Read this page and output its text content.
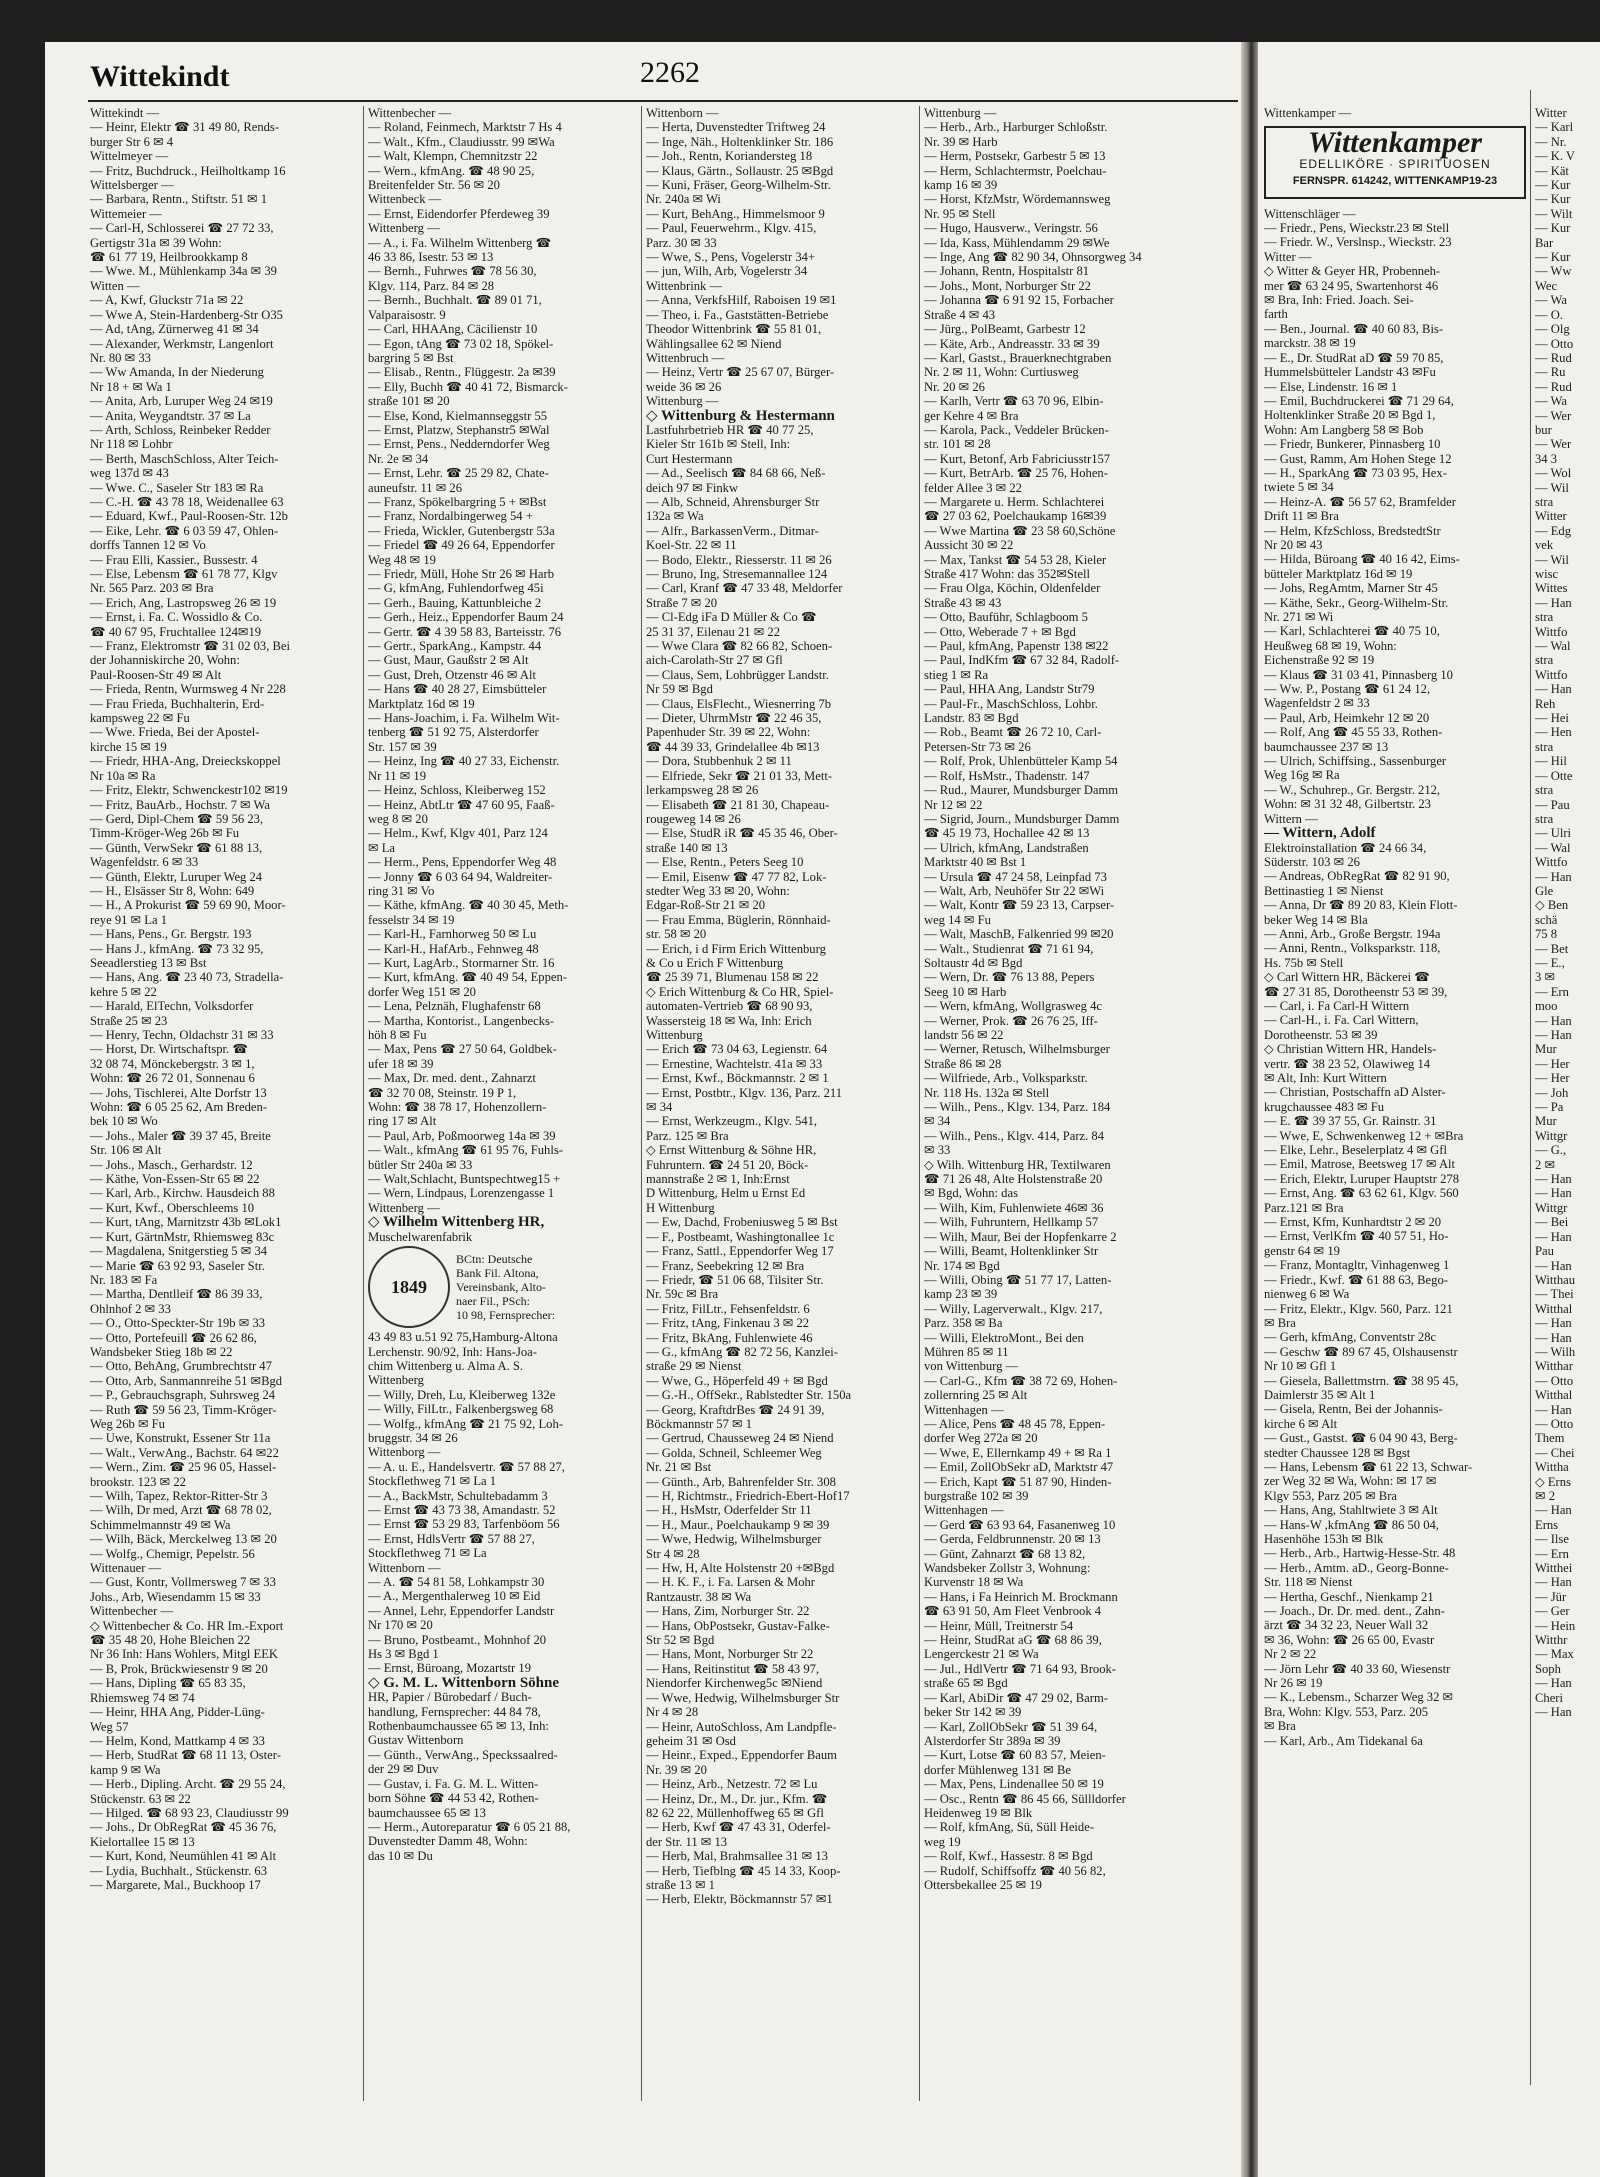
Wittekindt	2262
Wittekindt —
— Heinr, Elektr ☎ 31 49 80, Rends-
burger Str 6 ✉ 4
Wittelmeyer —
— Fritz, Buchdruck., Heilholtkamp 16
Wittelsberger —
— Barbara, Rentn., Stiftstr. 51 ✉ 1
Wittemeier —
— Carl-H, Schlosserei ☎ 27 72 33,
Gertigstr 31a ✉ 39 Wohn:
☎ 61 77 19, Heilbrookkamp 8
— Wwe. M., Mühlenkamp 34a ✉ 39
Witten —
— A, Kwf, Gluckstr 71a ✉ 22
— Wwe A, Stein-Hardenberg-Str O35
— Ad, tAng, Zürnerweg 41 ✉ 34
— Alexander, Werkmstr, Langenlort
Nr. 80 ✉ 33
— Ww Amanda, In der Niederung
Nr 18 + ✉ Wa 1
— Anita, Arb, Luruper Weg 24 ✉19
— Anita, Weygandtstr. 37 ✉ La
— Arth, Schloss, Reinbeker Redder
Nr 118 ✉ Lohbr
— Berth, MaschSchloss, Alter Teich-
weg 137d ✉ 43
— Wwe. C., Saseler Str 183 ✉ Ra
— C.-H. ☎ 43 78 18, Weidenallee 63
— Eduard, Kwf., Paul-Roosen-Str. 12b
— Eike, Lehr. ☎ 6 03 59 47, Ohlen-
dorffs Tannen 12 ✉ Vo
— Frau Elli, Kassier., Bussestr. 4
— Else, Lebensm ☎ 61 78 77, Klgv
Nr. 565 Parz. 203 ✉ Bra
— Erich, Ang, Lastropsweg 26 ✉ 19
— Ernst, i. Fa. C. Wossidlo & Co.
☎ 40 67 95, Fruchtallee 124✉19
— Franz, Elektromstr ☎ 31 02 03, Bei
der Johanniskirche 20, Wohn:
Paul-Roosen-Str 49 ✉ Alt
— Frieda, Rentn, Wurmsweg 4 Nr 228
— Frau Frieda, Buchhalterin, Erd-
kampsweg 22 ✉ Fu
— Wwe. Frieda, Bei der Apostel-
kirche 15 ✉ 19
— Friedr, HHA-Ang, Dreieckskoppel
Nr 10a ✉ Ra
— Fritz, Elektr, Schwenckestr102 ✉19
— Fritz, BauArb., Hochstr. 7 ✉ Wa
— Gerd, Dipl-Chem ☎ 59 56 23,
Timm-Kröger-Weg 26b ✉ Fu
— Günth, VerwSekr ☎ 61 88 13,
Wagenfeldstr. 6 ✉ 33
— Günth, Elektr, Luruper Weg 24
— H., Elsässer Str 8, Wohn: 649
— H., A Prokurist ☎ 59 69 90, Moor-
reye 91 ✉ La 1
— Hans, Pens., Gr. Bergstr. 193
— Hans J., kfmAng. ☎ 73 32 95,
Seeadlerstieg 13 ✉ Bst
— Hans, Ang. ☎ 23 40 73, Stradella-
kehre 5 ✉ 22
— Harald, ElTechn, Volksdorfer
Straße 25 ✉ 23
— Henry, Techn, Oldachstr 31 ✉ 33
— Horst, Dr. Wirtschaftspr. ☎
32 08 74, Mönckebergstr. 3 ✉ 1,
Wohn: ☎ 26 72 01, Sonnenau 6
— Johs, Tischlerei, Alte Dorfstr 13
Wohn: ☎ 6 05 25 62, Am Breden-
bek 10 ✉ Wo
— Johs., Maler ☎ 39 37 45, Breite
Str. 106 ✉ Alt
— Johs., Masch., Gerhardstr. 12
— Käthe, Von-Essen-Str 65 ✉ 22
— Karl, Arb., Kirchw. Hausdeich 88
— Kurt, Kwf., Oberschleems 10
— Kurt, tAng, Marnitzstr 43b ✉Lok1
— Kurt, GärtnMstr, Rhiemsweg 83c
— Magdalena, Snitgerstieg 5 ✉ 34
— Marie ☎ 63 92 93, Saseler Str.
Nr. 183 ✉ Fa
— Martha, Dentlleif ☎ 86 39 33,
Ohlnhof 2 ✉ 33
— O., Otto-Speckter-Str 19b ✉ 33
— Otto, Portefeuill ☎ 26 62 86,
Wandsbeker Stieg 18b ✉ 22
— Otto, BehAng, Grumbrechtstr 47
— Otto, Arb, Sanmannreihe 51 ✉Bgd
— P., Gebrauchsgraph, Suhrsweg 24
— Ruth ☎ 59 56 23, Timm-Kröger-
Weg 26b ✉ Fu
— Uwe, Konstrukt, Essener Str 11a
— Walt., VerwAng., Bachstr. 64 ✉22
— Wern., Zim. ☎ 25 96 05, Hassel-
brookstr. 123 ✉ 22
— Wilh, Tapez, Rektor-Ritter-Str 3
— Wilh, Dr med, Arzt ☎ 68 78 02,
Schimmelmannstr 49 ✉ Wa
— Wilh, Bäck, Merckelweg 13 ✉ 20
— Wolfg., Chemigr, Pepelstr. 56
Wittenauer —
— Gust, Kontr, Vollmersweg 7 ✉ 33
Johs., Arb, Wiesendamm 15 ✉ 33
Wittenbecher —
◇ Wittenbecher & Co. HR Im.-Export
☎ 35 48 20, Hohe Bleichen 22
Nr 36 Inh: Hans Wohlers, Mitgl EEK
— B, Prok, Brückwiesenstr 9 ✉ 20
— Hans, Dipling ☎ 65 83 35,
Rhiemsweg 74 ✉ 74
— Heinr, HHA Ang, Pidder-Lüng-
Weg 57
— Helm, Kond, Mattkamp 4 ✉ 33
— Herb, StudRat ☎ 68 11 13, Oster-
kamp 9 ✉ Wa
— Herb., Dipling. Archt. ☎ 29 55 24,
Stückenstr. 63 ✉ 22
— Hilged. ☎ 68 93 23, Claudiusstr 99
— Johs., Dr ObRegRat ☎ 45 36 76,
Kielortallee 15 ✉ 13
— Kurt, Kond, Neumühlen 41 ✉ Alt
— Lydia, Buchhalt., Stückenstr. 63
— Margarete, Mal., Buckhoop 17
Wittenbecher —
— Roland, Feinmech, Marktstr 7 Hs 4
— Walt., Kfm., Claudiusstr. 99 ✉Wa
— Walt, Klempn, Chemnitzstr 22
— Wern., kfmAng. ☎ 48 90 25,
Breitenfelder Str. 56 ✉ 20
Wittenbeck —
— Ernst, Eidendorfer Pferdeweg 39
Wittenberg —
— A., i. Fa. Wilhelm Wittenberg ☎
46 33 86, Isestr. 53 ✉ 13
— Bernh., Fuhrwes ☎ 78 56 30,
Klgv. 114, Parz. 84 ✉ 28
— Bernh., Buchhalt. ☎ 89 01 71,
Valparaisostr. 9
— Carl, HHAAng, Cäcilienstr 10
— Egon, tAng ☎ 73 02 18, Spökel-
bargring 5 ✉ Bst
— Elisab., Rentn., Flüggestr. 2a ✉39
— Elly, Buchh ☎ 40 41 72, Bismarck-
straße 101 ✉ 20
— Else, Kond, Kielmannseggstr 55
— Ernst, Platzw, Stephanstr5 ✉Wal
— Ernst, Pens., Nedderndorfer Weg
Nr. 2e ✉ 34
— Ernst, Lehr. ☎ 25 29 82, Chate-
auneufstr. 11 ✉ 26
— Franz, Spökelbargring 5 + ✉Bst
— Franz, Nordalbingerweg 54 +
— Frieda, Wickler, Gutenbergstr 53a
— Friedel ☎ 49 26 64, Eppendorfer
Weg 48 ✉ 19
— Friedr, Müll, Hohe Str 26 ✉ Harb
— G, kfmAng, Fuhlendorfweg 45i
— Gerh., Bauing, Kattunbleiche 2
— Gerh., Heiz., Eppendorfer Baum 24
— Gertr. ☎ 4 39 58 83, Barteisstr. 76
— Gertr., SparkAng., Kampstr. 44
— Gust, Maur, Gaußstr 2 ✉ Alt
— Gust, Dreh, Otzenstr 46 ✉ Alt
— Hans ☎ 40 28 27, Eimsbütteler
Marktplatz 16d ✉ 19
— Hans-Joachim, i. Fa. Wilhelm Wit-
tenberg ☎ 51 92 75, Alsterdorfer
Str. 157 ✉ 39
— Heinz, Ing ☎ 40 27 33, Eichenstr.
Nr 11 ✉ 19
— Heinz, Schloss, Kleiberweg 152
— Heinz, AbtLtr ☎ 47 60 95, Faaß-
weg 8 ✉ 20
— Helm., Kwf, Klgv 401, Parz 124
✉ La
— Herm., Pens, Eppendorfer Weg 48
— Jonny ☎ 6 03 64 94, Waldreiter-
ring 31 ✉ Vo
— Käthe, kfmAng. ☎ 40 30 45, Meth-
fesselstr 34 ✉ 19
— Karl-H., Farnhorweg 50 ✉ Lu
— Karl-H., HafArb., Fehnweg 48
— Kurt, LagArb., Stormarner Str. 16
— Kurt, kfmAng. ☎ 40 49 54, Eppen-
dorfer Weg 151 ✉ 20
— Lena, Pelznäh, Flughafenstr 68
— Martha, Kontorist., Langenbecks-
höh 8 ✉ Fu
— Max, Pens ☎ 27 50 64, Goldbek-
ufer 18 ✉ 39
— Max, Dr. med. dent., Zahnarzt
☎ 32 70 08, Steinstr. 19 P 1,
Wohn: ☎ 38 78 17, Hohenzollern-
ring 17 ✉ Alt
— Paul, Arb, Poßmoorweg 14a ✉ 39
— Walt., kfmAng ☎ 61 95 76, Fuhls-
bütler Str 240a ✉ 33
— Walt,Schlacht, Buntspechtweg15 +
— Wern, Lindpaus, Lorenzengasse 1
Wittenberg —
◇ Wilhelm Wittenberg HR,
Muschelwarenfabrik
1849
BCtn: Deutsche
Bank Fil. Altona,
Vereinsbank, Alto-
naer Fil., PSch:
10 98, Fernsprecher:
43 49 83 u.51 92 75,Hamburg-Altona
Lerchenstr. 90/92, Inh: Hans-Joa-
chim Wittenberg u. Alma A. S.
Wittenberg
— Willy, Dreh, Lu, Kleiberweg 132e
— Willy, FilLtr., Falkenbergsweg 68
— Wolfg., kfmAng ☎ 21 75 92, Loh-
bruggstr. 34 ✉ 26
Wittenborg —
— A. u. E., Handelsvertr. ☎ 57 88 27,
Stockflethweg 71 ✉ La 1
— A., BackMstr, Schultebadamm 3
— Ernst ☎ 43 73 38, Amandastr. 52
— Ernst ☎ 53 29 83, Tarfenböom 56
— Ernst, HdlsVertr ☎ 57 88 27,
Stockflethweg 71 ✉ La
Wittenborn —
— A. ☎ 54 81 58, Lohkampstr 30
— A., Mergenthalerweg 10 ✉ Eid
— Annel, Lehr, Eppendorfer Landstr
Nr 170 ✉ 20
— Bruno, Postbeamt., Mohnhof 20
Hs 3 ✉ Bgd 1
— Ernst, Büroang, Mozartstr 19
◇ G. M. L. Wittenborn Söhne
HR, Papier / Bürobedarf / Buch-
handlung, Fernsprecher: 44 84 78,
Rothenbaumchaussee 65 ✉ 13, Inh:
Gustav Wittenborn
— Günth., VerwAng., Speckssaalred-
der 29 ✉ Duv
— Gustav, i. Fa. G. M. L. Witten-
born Söhne ☎ 44 53 42, Rothen-
baumchaussee 65 ✉ 13
— Herm., Autoreparatur ☎ 6 05 21 88,
Duvenstedter Damm 48, Wohn:
das 10 ✉ Du
Wittenborn —
— Herta, Duvenstedter Triftweg 24
— Inge, Näh., Holtenklinker Str. 186
— Joh., Rentn, Koriandersteg 18
— Klaus, Gärtn., Sollaustr. 25 ✉Bgd
— Kuni, Fräser, Georg-Wilhelm-Str.
Nr. 240a ✉ Wi
— Kurt, BehAng., Himmelsmoor 9
— Paul, Feuerwehrm., Klgv. 415,
Parz. 30 ✉ 33
— Wwe, S., Pens, Vogelerstr 34+
— jun, Wilh, Arb, Vogelerstr 34
Wittenbrink —
— Anna, VerkfsHilf, Raboisen 19 ✉1
— Theo, i. Fa., Gaststätten-Betriebe
Theodor Wittenbrink ☎ 55 81 01,
Wählingsallee 62 ✉ Niend
Wittenbruch —
— Heinz, Vertr ☎ 25 67 07, Bürger-
weide 36 ✉ 26
Wittenburg —
◇ Wittenburg & Hestermann
Lastfuhrbetrieb HR ☎ 40 77 25,
Kieler Str 161b ✉ Stell, Inh:
Curt Hestermann
— Ad., Seelisch ☎ 84 68 66, Neß-
deich 97 ✉ Finkw
— Alb, Schneid, Ahrensburger Str
132a ✉ Wa
— Alfr., BarkassenVerm., Ditmar-
Koel-Str. 22 ✉ 11
— Bodo, Elektr., Riesserstr. 11 ✉ 26
— Bruno, Ing, Stresemannallee 124
— Carl, Kranf ☎ 47 33 48, Meldorfer
Straße 7 ✉ 20
— Cl-Edg iFa D Müller & Co ☎
25 31 37, Eilenau 21 ✉ 22
— Wwe Clara ☎ 82 66 82, Schoen-
aich-Carolath-Str 27 ✉ Gfl
— Claus, Sem, Lohbrügger Landstr.
Nr 59 ✉ Bgd
— Claus, ElsFlecht., Wiesnerring 7b
— Dieter, UhrmMstr ☎ 22 46 35,
Papenhuder Str. 39 ✉ 22, Wohn:
☎ 44 39 33, Grindelallee 4b ✉13
— Dora, Stubbenhuk 2 ✉ 11
— Elfriede, Sekr ☎ 21 01 33, Mett-
lerkampsweg 28 ✉ 26
— Elisabeth ☎ 21 81 30, Chapeau-
rougeweg 14 ✉ 26
— Else, StudR iR ☎ 45 35 46, Ober-
straße 140 ✉ 13
— Else, Rentn., Peters Seeg 10
— Emil, Eisenw ☎ 47 77 82, Lok-
stedter Weg 33 ✉ 20, Wohn:
Edgar-Roß-Str 21 ✉ 20
— Frau Emma, Büglerin, Rönnhaid-
str. 58 ✉ 20
— Erich, i d Firm Erich Wittenburg
& Co u Erich F Wittenburg
☎ 25 39 71, Blumenau 158 ✉ 22
◇ Erich Wittenburg & Co HR, Spiel-
automaten-Vertrieb ☎ 68 90 93,
Wassersteig 18 ✉ Wa, Inh: Erich
Wittenburg
— Erich ☎ 73 04 63, Legienstr. 64
— Ernestine, Wachtelstr. 41a ✉ 33
— Ernst, Kwf., Böckmannstr. 2 ✉ 1
— Ernst, Postbtr., Klgv. 136, Parz. 211
✉ 34
— Ernst, Werkzeugm., Klgv. 541,
Parz. 125 ✉ Bra
◇ Ernst Wittenburg & Söhne HR,
Fuhruntern. ☎ 24 51 20, Böck-
mannstraße 2 ✉ 1, Inh:Ernst
D Wittenburg, Helm u Ernst Ed
H Wittenburg
— Ew, Dachd, Frobeniusweg 5 ✉ Bst
— F., Postbeamt, Washingtonallee 1c
— Franz, Sattl., Eppendorfer Weg 17
— Franz, Seebekring 12 ✉ Bra
— Friedr, ☎ 51 06 68, Tilsiter Str.
Nr. 59c ✉ Bra
— Fritz, FilLtr., Fehsenfeldstr. 6
— Fritz, tAng, Finkenau 3 ✉ 22
— Fritz, BkAng, Fuhlenwiete 46
— G., kfmAng ☎ 82 72 56, Kanzlei-
straße 29 ✉ Nienst
— Wwe, G., Höperfeld 49 + ✉ Bgd
— G.-H., OffSekr., Rablstedter Str. 150a
— Georg, KraftdrBes ☎ 24 91 39,
Böckmannstr 57 ✉ 1
— Gertrud, Chausseweg 24 ✉ Niend
— Golda, Schneil, Schleemer Weg
Nr. 21 ✉ Bst
— Günth., Arb, Bahrenfelder Str. 308
— H, Richtmstr., Friedrich-Ebert-Hof17
— H., HsMstr, Oderfelder Str 11
— H., Maur., Poelchaukamp 9 ✉ 39
— Wwe, Hedwig, Wilhelmsburger
Str 4 ✉ 28
— Hw, H, Alte Holstenstr 20 +✉Bgd
— H. K. F., i. Fa. Larsen & Mohr
Rantzaustr. 38 ✉ Wa
— Hans, Zim, Norburger Str. 22
— Hans, ObPostsekr, Gustav-Falke-
Str 52 ✉ Bgd
— Hans, Mont, Norburger Str 22
— Hans, Reitinstitut ☎ 58 43 97,
Niendorfer Kirchenweg5c ✉Niend
— Wwe, Hedwig, Wilhelmsburger Str
Nr 4 ✉ 28
— Heinr, AutoSchloss, Am Landpfle-
geheim 31 ✉ Osd
— Heinr., Exped., Eppendorfer Baum
Nr. 39 ✉ 20
— Heinz, Arb., Netzestr. 72 ✉ Lu
— Heinz, Dr., M., Dr. jur., Kfm. ☎
82 62 22, Müllenhoffweg 65 ✉ Gfl
— Herb, Kwf ☎ 47 43 31, Oderfel-
der Str. 11 ✉ 13
— Herb, Mal, Brahmsallee 31 ✉ 13
— Herb, Tiefblng ☎ 45 14 33, Koop-
straße 13 ✉ 1
— Herb, Elektr, Böckmannstr 57 ✉1
Wittenburg —
— Herb., Arb., Harburger Schloßstr.
Nr. 39 ✉ Harb
— Herm, Postsekr, Garbestr 5 ✉ 13
— Herm, Schlachtermstr, Poelchau-
kamp 16 ✉ 39
— Horst, KfzMstr, Wördemannsweg
Nr. 95 ✉ Stell
— Hugo, Hausverw., Veringstr. 56
— Ida, Kass, Mühlendamm 29 ✉We
— Inge, Ang ☎ 82 90 34, Ohnsorgweg 34
— Johann, Rentn, Hospitalstr 81
— Johs., Mont, Norburger Str 22
— Johanna ☎ 6 91 92 15, Forbacher
Straße 4 ✉ 43
— Jürg., PolBeamt, Garbestr 12
— Käte, Arb., Andreasstr. 33 ✉ 39
— Karl, Gastst., Brauerknechtgraben
Nr. 2 ✉ 11, Wohn: Curtiusweg
Nr. 20 ✉ 26
— Karlh, Vertr ☎ 63 70 96, Elbin-
ger Kehre 4 ✉ Bra
— Karola, Pack., Veddeler Brücken-
str. 101 ✉ 28
— Kurt, Betonf, Arb Fabriciusstr157
— Kurt, BetrArb. ☎ 25 76, Hohen-
felder Allee 3 ✉ 22
— Margarete u. Herm. Schlachterei
☎ 27 03 62, Poelchaukamp 16✉39
— Wwe Martina ☎ 23 58 60,Schöne
Aussicht 30 ✉ 22
— Max, Tankst ☎ 54 53 28, Kieler
Straße 417 Wohn: das 352✉Stell
— Frau Olga, Köchin, Oldenfelder
Straße 43 ✉ 43
— Otto, Bauführ, Schlagboom 5
— Otto, Weberade 7 + ✉ Bgd
— Paul, kfmAng, Papenstr 138 ✉22
— Paul, IndKfm ☎ 67 32 84, Radolf-
stieg 1 ✉ Ra
— Paul, HHA Ang, Landstr Str79
— Paul-Fr., MaschSchloss, Lohbr.
Landstr. 83 ✉ Bgd
— Rob., Beamt ☎ 26 72 10, Carl-
Petersen-Str 73 ✉ 26
— Rolf, Prok, Uhlenbütteler Kamp 54
— Rolf, HsMstr., Thadenstr. 147
— Rud., Maurer, Mundsburger Damm
Nr 12 ✉ 22
— Sigrid, Journ., Mundsburger Damm
☎ 45 19 73, Hochallee 42 ✉ 13
— Ulrich, kfmAng, Landstraßen
Marktstr 40 ✉ Bst 1
— Ursula ☎ 47 24 58, Leinpfad 73
— Walt, Arb, Neuhöfer Str 22 ✉Wi
— Walt, Kontr ☎ 59 23 13, Carpser-
weg 14 ✉ Fu
— Walt, MaschB, Falkenried 99 ✉20
— Walt., Studienrat ☎ 71 61 94,
Soltaustr 4d ✉ Bgd
— Wern, Dr. ☎ 76 13 88, Pepers
Seeg 10 ✉ Harb
— Wern, kfmAng, Wollgrasweg 4c
— Werner, Prok. ☎ 26 76 25, Iff-
landstr 56 ✉ 22
— Werner, Retusch, Wilhelmsburger
Straße 86 ✉ 28
— Wilfriede, Arb., Volksparkstr.
Nr. 118 Hs. 132a ✉ Stell
— Wilh., Pens., Klgv. 134, Parz. 184
✉ 34
— Wilh., Pens., Klgv. 414, Parz. 84
✉ 33
◇ Wilh. Wittenburg HR, Textilwaren
☎ 71 26 48, Alte Holstenstraße 20
✉ Bgd, Wohn: das
— Wilh, Kim, Fuhlenwiete 46✉ 36
— Wilh, Fuhruntern, Hellkamp 57
— Wilh, Maur, Bei der Hopfenkarre 2
— Willi, Beamt, Holtenklinker Str
Nr. 174 ✉ Bgd
— Willi, Obing ☎ 51 77 17, Latten-
kamp 23 ✉ 39
— Willy, Lagerverwalt., Klgv. 217,
Parz. 358 ✉ Ba
— Willi, ElektroMont., Bei den
Mühren 85 ✉ 11
von Wittenburg —
— Carl-G., Kfm ☎ 38 72 69, Hohen-
zollernring 25 ✉ Alt
Wittenhagen —
— Alice, Pens ☎ 48 45 78, Eppen-
dorfer Weg 272a ✉ 20
— Wwe, E, Ellernkamp 49 + ✉ Ra 1
— Emil, ZollObSekr aD, Marktstr 47
— Erich, Kapt ☎ 51 87 90, Hinden-
burgstraße 102 ✉ 39
Wittenhagen —
— Gerd ☎ 63 93 64, Fasanenweg 10
— Gerda, Feldbrunnenstr. 20 ✉ 13
— Günt, Zahnarzt ☎ 68 13 82,
Wandsbeker Zollstr 3, Wohnung:
Kurvenstr 18 ✉ Wa
— Hans, i Fa Heinrich M. Brockmann
☎ 63 91 50, Am Fleet Venbrook 4
— Heinr, Müll, Treitnerstr 54
— Heinr, StudRat aG ☎ 68 86 39,
Lengerckestr 21 ✉ Wa
— Jul., HdlVertr ☎ 71 64 93, Brook-
straße 65 ✉ Bgd
— Karl, AbiDir ☎ 47 29 02, Barm-
beker Str 142 ✉ 39
— Karl, ZollObSekr ☎ 51 39 64,
Alsterdorfer Str 389a ✉ 39
— Kurt, Lotse ☎ 60 83 57, Meien-
dorfer Mühlenweg 131 ✉ Be
— Max, Pens, Lindenallee 50 ✉ 19
— Osc., Rentn ☎ 86 45 66, Süllldorfer
Heidenweg 19 ✉ Blk
— Rolf, kfmAng, Sü, Süll Heide-
weg 19
— Rolf, Kwf., Hassestr. 8 ✉ Bgd
— Rudolf, Schiffsoffz ☎ 40 56 82,
Ottersbekallee 25 ✉ 19
Wittenkamper —
Wittenkamper
EDELLIKÖRE · SPIRITUOSEN
FERNSPR. 614242, WITTENKAMP19-23
Wittenschläger —
— Friedr., Pens, Wieckstr.23 ✉ Stell
— Friedr. W., Verslnsp., Wieckstr. 23
Witter —
◇ Witter & Geyer HR, Probenneh-
mer ☎ 63 24 95, Swartenhorst 46
✉ Bra, Inh: Fried. Joach. Sei-
farth
— Ben., Journal. ☎ 40 60 83, Bis-
marckstr. 38 ✉ 19
— E., Dr. StudRat aD ☎ 59 70 85,
Hummelsbütteler Landstr 43 ✉Fu
— Else, Lindenstr. 16 ✉ 1
— Emil, Buchdruckerei ☎ 71 29 64,
Holtenklinker Straße 20 ✉ Bgd 1,
Wohn: Am Langberg 58 ✉ Bob
— Friedr, Bunkerer, Pinnasberg 10
— Gust, Ramm, Am Hohen Stege 12
— H., SparkAng ☎ 73 03 95, Hex-
twiete 5 ✉ 34
— Heinz-A. ☎ 56 57 62, Bramfelder
Drift 11 ✉ Bra
— Helm, KfzSchloss, BredstedtStr
Nr 20 ✉ 43
— Hilda, Büroang ☎ 40 16 42, Eims-
bütteler Marktplatz 16d ✉ 19
— Johs, RegAmtm, Marner Str 45
— Käthe, Sekr., Georg-Wilhelm-Str.
Nr. 271 ✉ Wi
— Karl, Schlachterei ☎ 40 75 10,
Heußweg 68 ✉ 19, Wohn:
Eichenstraße 92 ✉ 19
— Klaus ☎ 31 03 41, Pinnasberg 10
— Ww. P., Postang ☎ 61 24 12,
Wagenfeldstr 2 ✉ 33
— Paul, Arb, Heimkehr 12 ✉ 20
— Rolf, Ang ☎ 45 55 33, Rothen-
baumchaussee 237 ✉ 13
— Ulrich, Schiffsing., Sassenburger
Weg 16g ✉ Ra
— W., Schuhrep., Gr. Bergstr. 212,
Wohn: ✉ 31 32 48, Gilbertstr. 23
Wittern —
— Wittern, Adolf
Elektroinstallation ☎ 24 66 34,
Süderstr. 103 ✉ 26
— Andreas, ObRegRat ☎ 82 91 90,
Bettinastieg 1 ✉ Nienst
— Anna, Dr ☎ 89 20 83, Klein Flott-
beker Weg 14 ✉ Bla
— Anni, Arb., Große Bergstr. 194a
— Anni, Rentn., Volksparkstr. 118,
Hs. 75b ✉ Stell
◇ Carl Wittern HR, Bäckerei ☎
☎ 27 31 85, Dorotheenstr 53 ✉ 39,
— Carl, i. Fa Carl-H Wittern
— Carl-H., i. Fa. Carl Wittern,
Dorotheenstr. 53 ✉ 39
◇ Christian Wittern HR, Handels-
vertr. ☎ 38 23 52, Olawiweg 14
✉ Alt, Inh: Kurt Wittern
— Christian, Postschaffn aD Alster-
krugchaussee 483 ✉ Fu
— E. ☎ 39 37 55, Gr. Rainstr. 31
— Wwe, E, Schwenkenweg 12 + ✉Bra
— Elke, Lehr., Beselerplatz 4 ✉ Gfl
— Emil, Matrose, Beetsweg 17 ✉ Alt
— Erich, Elektr, Luruper Hauptstr 278
— Ernst, Ang. ☎ 63 62 61, Klgv. 560
Parz.121 ✉ Bra
— Ernst, Kfm, Kunhardtstr 2 ✉ 20
— Ernst, VerlKfm ☎ 40 57 51, Ho-
genstr 64 ✉ 19
— Franz, Montagltr, Vinhagenweg 1
— Friedr., Kwf. ☎ 61 88 63, Bego-
nienweg 6 ✉ Wa
— Fritz, Elektr., Klgv. 560, Parz. 121
✉ Bra
— Gerh, kfmAng, Conventstr 28c
— Geschw ☎ 89 67 45, Olshausenstr
Nr 10 ✉ Gfl 1
— Giesela, Ballettmstrn. ☎ 38 95 45,
Daimlerstr 35 ✉ Alt 1
— Gisela, Rentn, Bei der Johannis-
kirche 6 ✉ Alt
— Gust., Gastst. ☎ 6 04 90 43, Berg-
stedter Chaussee 128 ✉ Bgst
— Hans, Lebensm ☎ 61 22 13, Schwar-
zer Weg 32 ✉ Wa, Wohn: ✉ 17 ✉
Klgv 553, Parz 205 ✉ Bra
— Hans, Ang, Stahltwiete 3 ✉ Alt
— Hans-W ,kfmAng ☎ 86 50 04,
Hasenhöhe 153h ✉ Blk
— Herb., Arb., Hartwig-Hesse-Str. 48
— Herb., Amtm. aD., Georg-Bonne-
Str. 118 ✉ Nienst
— Hertha, Geschf., Nienkamp 21
— Joach., Dr. Dr. med. dent., Zahn-
ärzt ☎ 34 32 23, Neuer Wall 32
✉ 36, Wohn: ☎ 26 65 00, Evastr
Nr 2 ✉ 22
— Jörn Lehr ☎ 40 33 60, Wiesenstr
Nr 26 ✉ 19
— K., Lebensm., Scharzer Weg 32 ✉
Bra, Wohn: Klgv. 553, Parz. 205
✉ Bra
— Karl, Arb., Am Tidekanal 6a
Witter
— Karl
— Nr.
— K. V
— Kät
— Kur
— Kur
— Wilt
— Kur
Bar
— Kur
— Ww
Wec
— Wa
— O.
— Olg
— Otto
— Rud
— Ru
— Rud
— Wa
— Wer
bur
— Wer
34 3
— Wol
— Wil
stra
Witter
— Edg
vek
— Wil
wisc
Wittes
— Han
stra
Wittfo
— Wal
stra
Wittfo
— Han
Reh
— Hei
— Hen
stra
— Hil
— Otte
stra
— Pau
stra
— Ulri
— Wal
Wittfo
— Han
Gle
◇ Ben
schä
75 8
— Bet
— E.,
3 ✉
— Ern
moo
— Han
— Han
Mur
— Her
— Her
— Joh
— Pa
Mur
Wittgr
— G.,
2 ✉
— Han
— Han
Wittgr
— Bei
— Han
Pau
— Han
Witthau
— Thei
Witthal
— Han
— Han
— Wilh
Witthar
— Otto
Witthal
— Han
— Otto
Them
— Chei
Wittha
◇ Erns
✉ 2
— Han
Erns
— Ilse
— Ern
Witthei
— Han
— Jür
— Ger
— Hein
Witthr
— Max
Soph
— Han
Cheri
— Han
